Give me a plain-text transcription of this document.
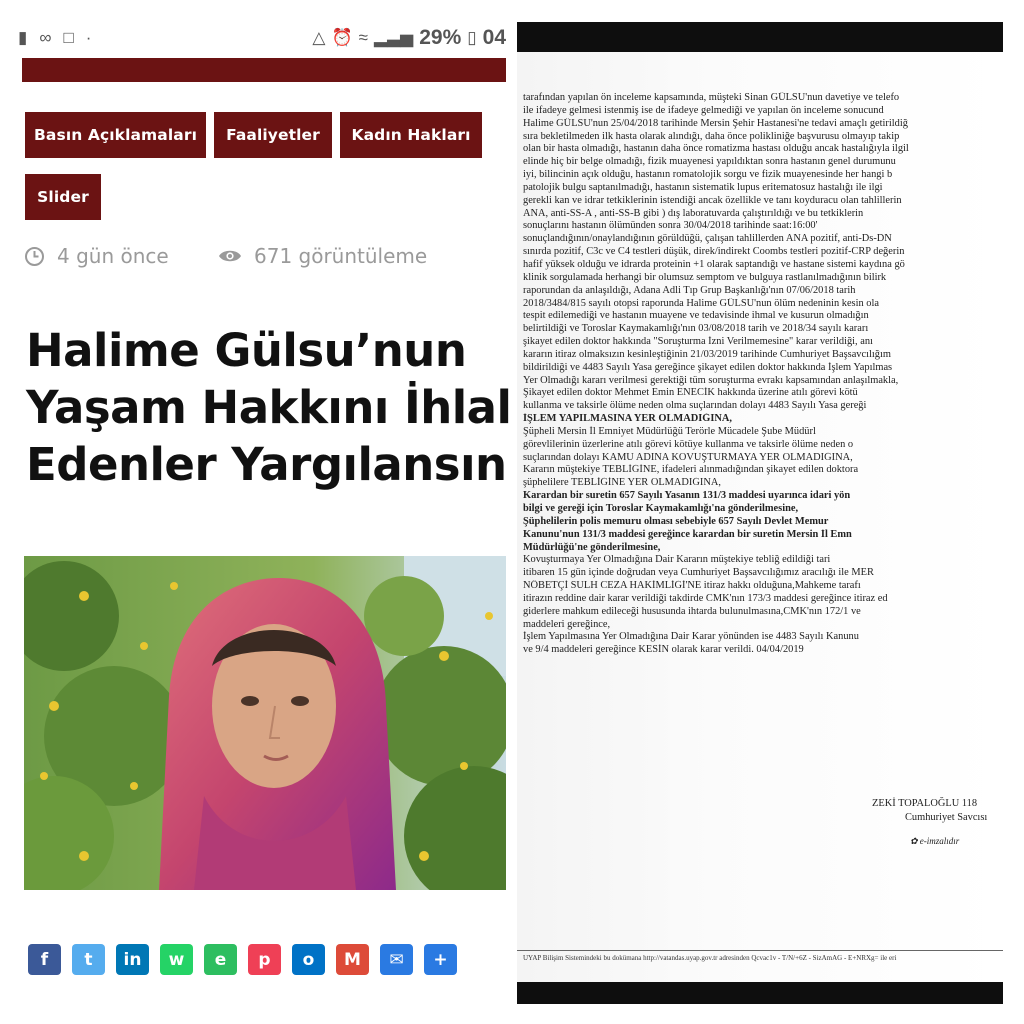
▮ ∞ □ ·	△ ⏰ ≈ ▂▃▅ 29% ▯ 04
Basın Açıklamaları	Faaliyetler	Kadın Hakları
Slider
4 gün önce	671 görüntüleme
Halime Gülsu’nun
Yaşam Hakkını İhlal
Edenler Yargılansın
f	t	in	w	e	p	o	M	✉	+
tarafından yapılan ön inceleme kapsamında, müşteki Sinan GÜLSU'nun davetiye ve telefo
ile ifadeye gelmesi istenmiş ise de ifadeye gelmediği ve yapılan ön inceleme sonucund
Halime GÜLSU'nun 25/04/2018 tarihinde Mersin Şehir Hastanesi'ne tedavi amaçlı getirildiğ
sıra bekletilmeden ilk hasta olarak alındığı, daha önce polikliniğe başvurusu olmayıp takip
olan bir hasta olmadığı, hastanın daha önce romatizma hastası olduğu ancak hastalığıyla ilgil
elinde hiç bir belge olmadığı, fizik muayenesi yapıldıktan sonra hastanın genel durumunu
iyi, bilincinin açık olduğu, hastanın romatolojik sorgu ve fizik muayenesinde her hangi b
patolojik bulgu saptanılmadığı, hastanın sistematik lupus eritematosuz hastalığı ile ilgi
gerekli kan ve idrar tetkiklerinin istendiği ancak özellikle ve tanı koyduracu olan tahlillerin
ANA, anti-SS-A , anti-SS-B gibi ) dış laboratuvarda çalıştırıldığı ve bu tetkiklerin
sonuçlarını hastanın ölümünden sonra 30/04/2018 tarihinde saat:16:00'
sonuçlandığının/onaylandığının görüldüğü, çalışan tahlillerden ANA pozitif, anti-Ds-DN
sınırda pozitif, C3c ve C4 testleri düşük, direk/indirekt Coombs testleri pozitif-CRP değerin
hafif yüksek olduğu ve idrarda proteinin +1 olarak saptandığı ve hastane sistemi kaydına gö
klinik sorgulamada herhangi bir olumsuz semptom ve bulguya rastlanılmadığının bilirk
raporundan da anlaşıldığı, Adana Adli Tıp Grup Başkanlığı'nın 07/06/2018 tarih
2018/3484/815 sayılı otopsi raporunda Halime GÜLSU'nun ölüm nedeninin kesin ola
tespit edilemediği ve hastanın muayene ve tedavisinde ihmal ve kusurun olmadığın
belirtildiği ve Toroslar Kaymakamlığı'nın 03/08/2018 tarih ve 2018/34 sayılı kararı
şikayet edilen doktor hakkında "Soruşturma İzni Verilmemesine" karar verildiği, anı
kararın itiraz olmaksızın kesinleştiğinin 21/03/2019 tarihinde Cumhuriyet Başsavcılığım
bildirildiği ve 4483 Sayılı Yasa gereğince şikayet edilen doktor hakkında İşlem Yapılmas
Yer Olmadığı kararı verilmesi gerektiği tüm soruşturma evrakı kapsamından anlaşılmakla,
Şikayet edilen doktor Mehmet Emin ENECİK hakkında üzerine atılı görevi kötü
kullanma ve taksirle ölüme neden olma suçlarından dolayı 4483 Sayılı Yasa gereği
İŞLEM YAPILMASINA YER OLMADIĞINA,
Şüpheli Mersin İl Emniyet Müdürlüğü Terörle Mücadele Şube Müdürl
görevlilerinin üzerlerine atılı görevi kötüye kullanma ve taksirle ölüme neden o
suçlarından dolayı KAMU ADINA KOVUŞTURMAYA YER OLMADIĞINA,
Kararın müştekiye TEBLİĞİNE, ifadeleri alınmadığından şikayet edilen doktora
şüphelilere TEBLİĞİNE YER OLMADIĞINA,
Karardan bir suretin 657 Sayılı Yasanın 131/3 maddesi uyarınca idari yön
bilgi ve gereği için Toroslar Kaymakamlığı'na gönderilmesine,
Şüphelilerin polis memuru olması sebebiyle 657 Sayılı Devlet Memur
Kanunu'nun 131/3 maddesi gereğince karardan bir suretin Mersin İl Emn
Müdürlüğü'ne gönderilmesine,
Kovuşturmaya Yer Olmadığına Dair Kararın müştekiye tebliğ edildiği tari
itibaren 15 gün içinde doğrudan veya Cumhuriyet Başsavcılığımız aracılığı ile MER
NÖBETÇİ SULH CEZA HAKİMLİĞİ'NE itiraz hakkı olduğuna,Mahkeme tarafı
itirazın reddine dair karar verildiği takdirde CMK'nın 173/3 maddesi gereğince itiraz ed
giderlere mahkum edileceği hususunda ihtarda bulunulmasına,CMK'nın 172/1 ve
maddeleri gereğince,
İşlem Yapılmasına Yer Olmadığına Dair Karar yönünden ise 4483 Sayılı Kanunu
ve 9/4 maddeleri gereğince KESİN olarak karar verildi. 04/04/2019
ZEKİ TOPALOĞLU 118
Cumhuriyet Savcısı
✿ e-imzalıdır
UYAP Bilişim Sistemindeki bu dokümana http://vatandas.uyap.gov.tr adresinden Qcvac1v - T/N/+6Z - SizAmAG - E+NRXg= ile eri
